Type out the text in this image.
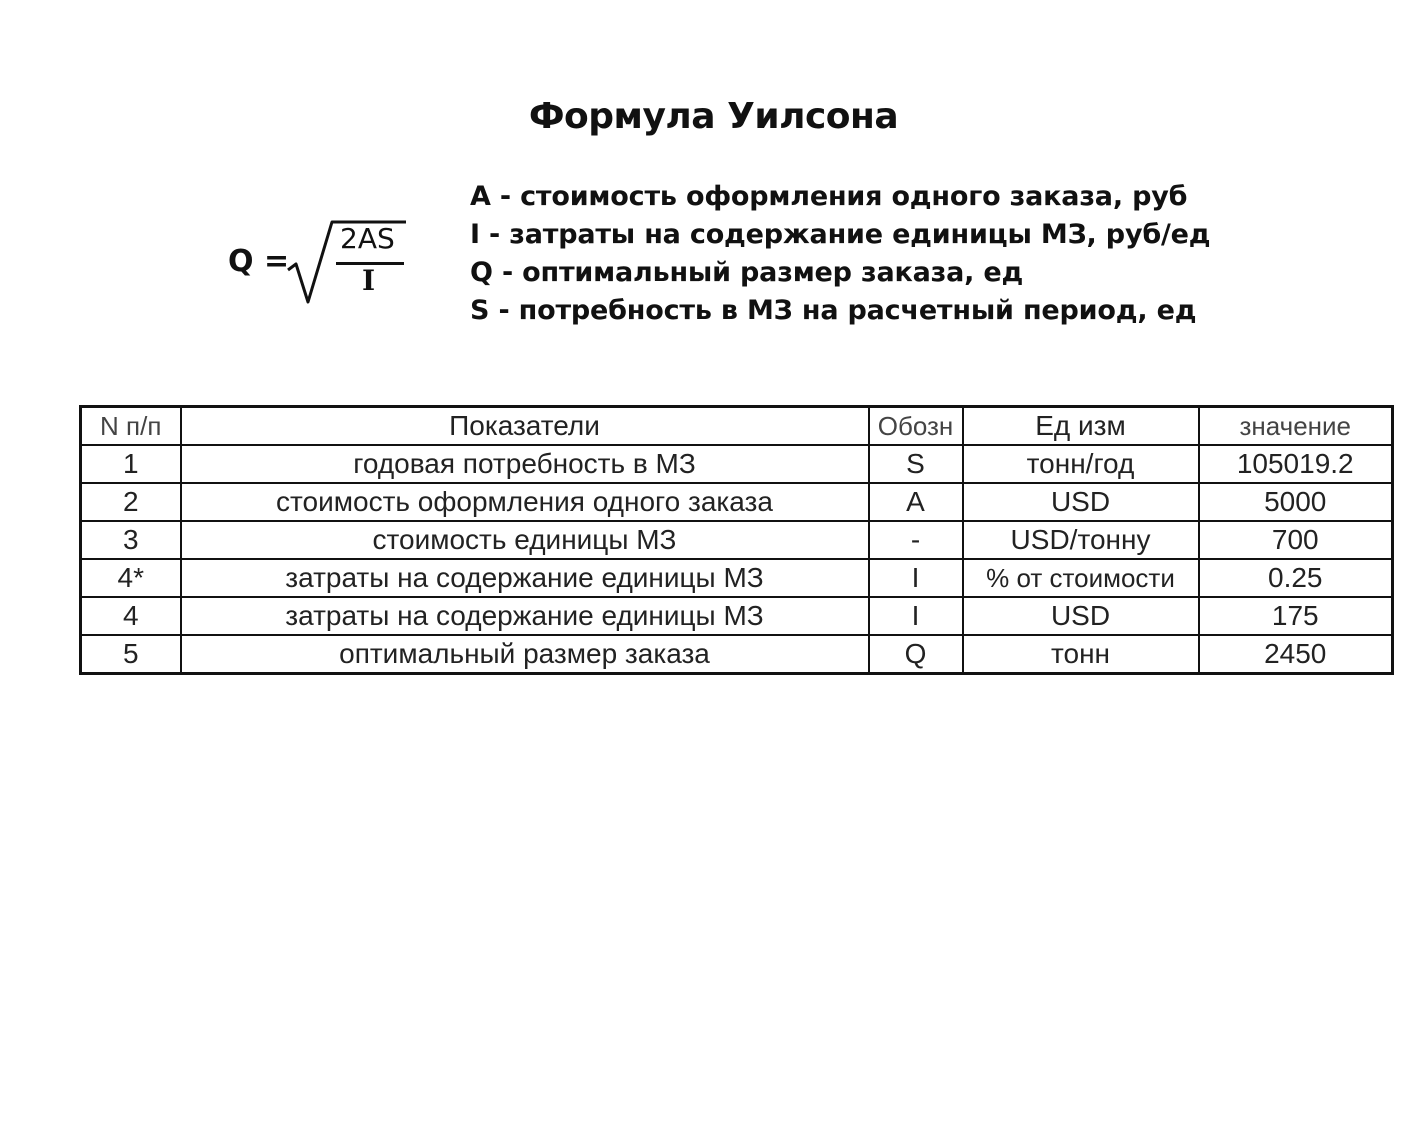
Формула Уилсона
Q =
2AS
I
A - стоимость оформления одного заказа, руб
I - затраты на содержание единицы МЗ, руб/ед
Q - оптимальный размер заказа, ед
S - потребность в МЗ на расчетный период, ед
N п/п	Показатели	Обозн	Ед изм	значение
1	годовая потребность в МЗ	S	тонн/год	105019.2
2	стоимость оформления одного заказа	A	USD	5000
3	стоимость единицы МЗ	-	USD/тонну	700
4*	затраты на содержание единицы МЗ	I	% от стоимости	0.25
4	затраты на содержание единицы МЗ	I	USD	175
5	оптимальный размер заказа	Q	тонн	2450
